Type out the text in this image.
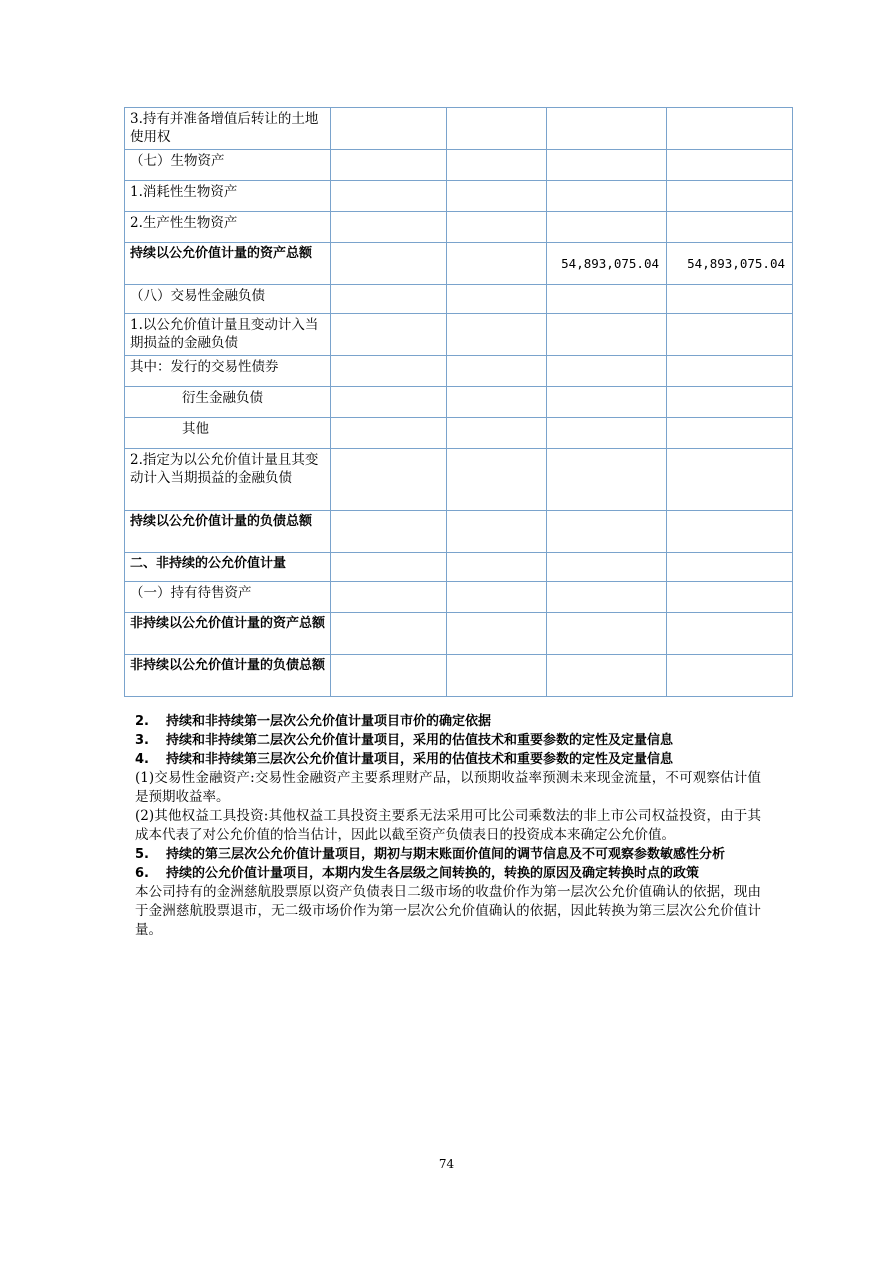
3.持有并准备增值后转让的土地使用权				
（七）生物资产				
1.消耗性生物资产				
2.生产性生物资产				
持续以公允价值计量的资产总额			54,893,075.04	54,893,075.04
（八）交易性金融负债				
1.以公允价值计量且变动计入当期损益的金融负债				
其中：发行的交易性债券				
衍生金融负债				
其他				
2.指定为以公允价值计量且其变动计入当期损益的金融负债				
持续以公允价值计量的负债总额				
二、非持续的公允价值计量				
（一）持有待售资产				
非持续以公允价值计量的资产总额				
非持续以公允价值计量的负债总额				
2.	持续和非持续第一层次公允价值计量项目市价的确定依据
3.	持续和非持续第二层次公允价值计量项目，采用的估值技术和重要参数的定性及定量信息
4.	持续和非持续第三层次公允价值计量项目，采用的估值技术和重要参数的定性及定量信息

(1)交易性金融资产:交易性金融资产主要系理财产品，以预期收益率预测未来现金流量，不可观察估计值是预期收益率。

(2)其他权益工具投资:其他权益工具投资主要系无法采用可比公司乘数法的非上市公司权益投资，由于其成本代表了对公允价值的恰当估计，因此以截至资产负债表日的投资成本来确定公允价值。

5.	持续的第三层次公允价值计量项目，期初与期末账面价值间的调节信息及不可观察参数敏感性分析
6.	持续的公允价值计量项目，本期内发生各层级之间转换的，转换的原因及确定转换时点的政策

本公司持有的金洲慈航股票原以资产负债表日二级市场的收盘价作为第一层次公允价值确认的依据，现由于金洲慈航股票退市，无二级市场价作为第一层次公允价值确认的依据，因此转换为第三层次公允价值计量。

74
